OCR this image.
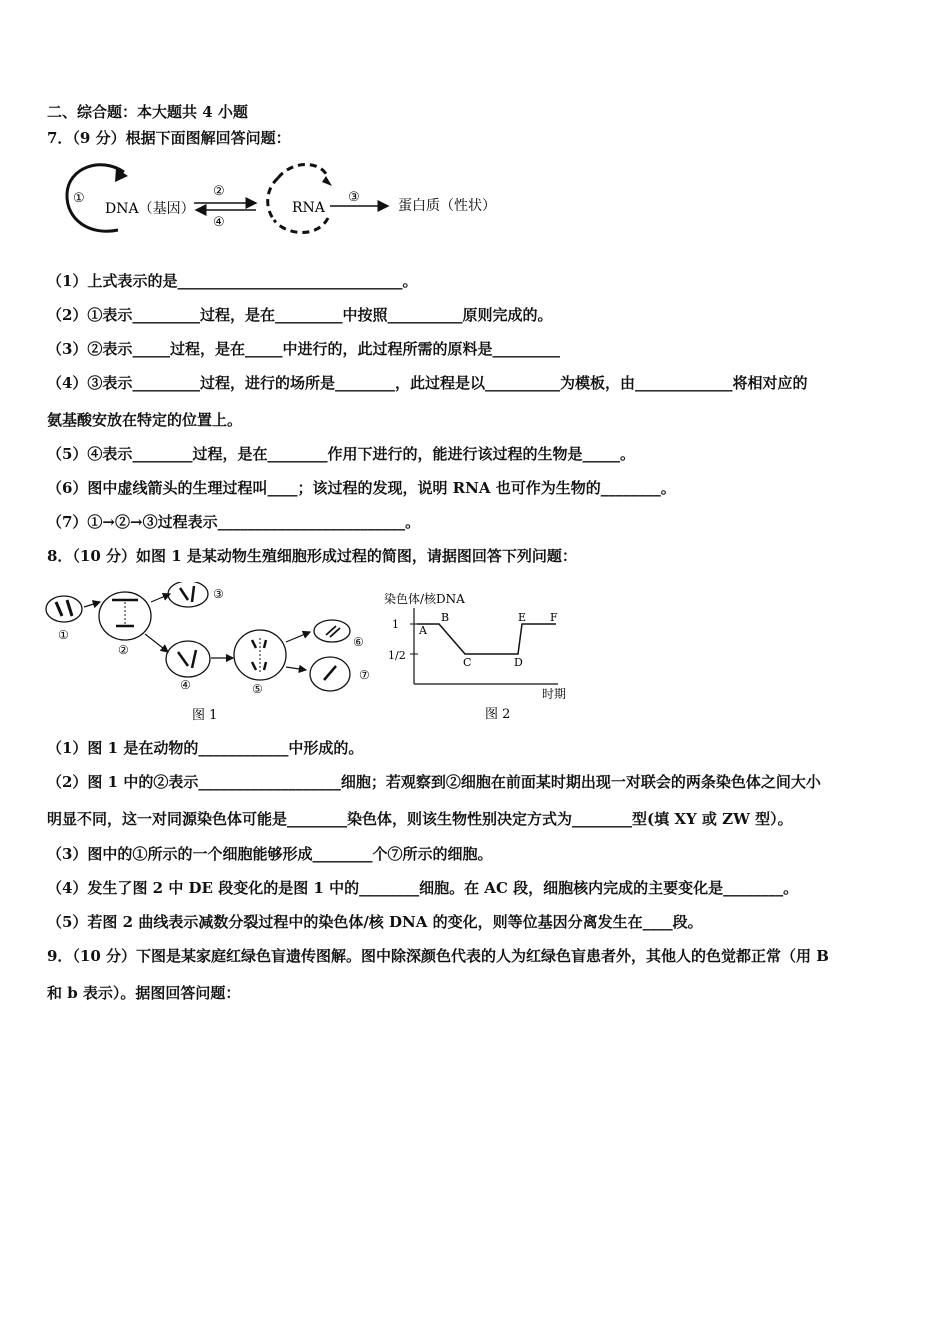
二、综合题：本大题共 4 小题
7．（9 分）根据下面图解回答问题：
①
DNA（基因）
②
④
RNA
③
蛋白质（性状）
（1）上式表示的是______________________________。
（2）①表示_________过程，是在_________中按照__________原则完成的。
（3）②表示_____过程，是在_____中进行的，此过程所需的原料是_________
（4）③表示_________过程，进行的场所是________，此过程是以__________为模板，由_____________将相对应的
氨基酸安放在特定的位置上。
（5）④表示________过程，是在________作用下进行的，能进行该过程的生物是_____。
（6）图中虚线箭头的生理过程叫____；该过程的发现，说明 RNA 也可作为生物的________。
（7）①→②→③过程表示_________________________。
8．（10 分）如图 1 是某动物生殖细胞形成过程的简图，请据图回答下列问题：
①
②
③
④	⑤
⑥
⑦
图 1
染色体/核DNA
1
1/2
时期
A
B
C	D
E F
图 2
（1）图 1 是在动物的____________中形成的。
（2）图 1 中的②表示___________________细胞；若观察到②细胞在前面某时期出现一对联会的两条染色体之间大小
明显不同，这一对同源染色体可能是________染色体，则该生物性别决定方式为________型(填 XY 或 ZW 型）。
（3）图中的①所示的一个细胞能够形成________个⑦所示的细胞。
（4）发生了图 2 中 DE 段变化的是图 1 中的________细胞。在 AC 段，细胞核内完成的主要变化是________。
（5）若图 2 曲线表示减数分裂过程中的染色体/核 DNA 的变化，则等位基因分离发生在____段。
9．（10 分）下图是某家庭红绿色盲遗传图解。图中除深颜色代表的人为红绿色盲患者外，其他人的色觉都正常（用 B
和 b 表示）。据图回答问题：
